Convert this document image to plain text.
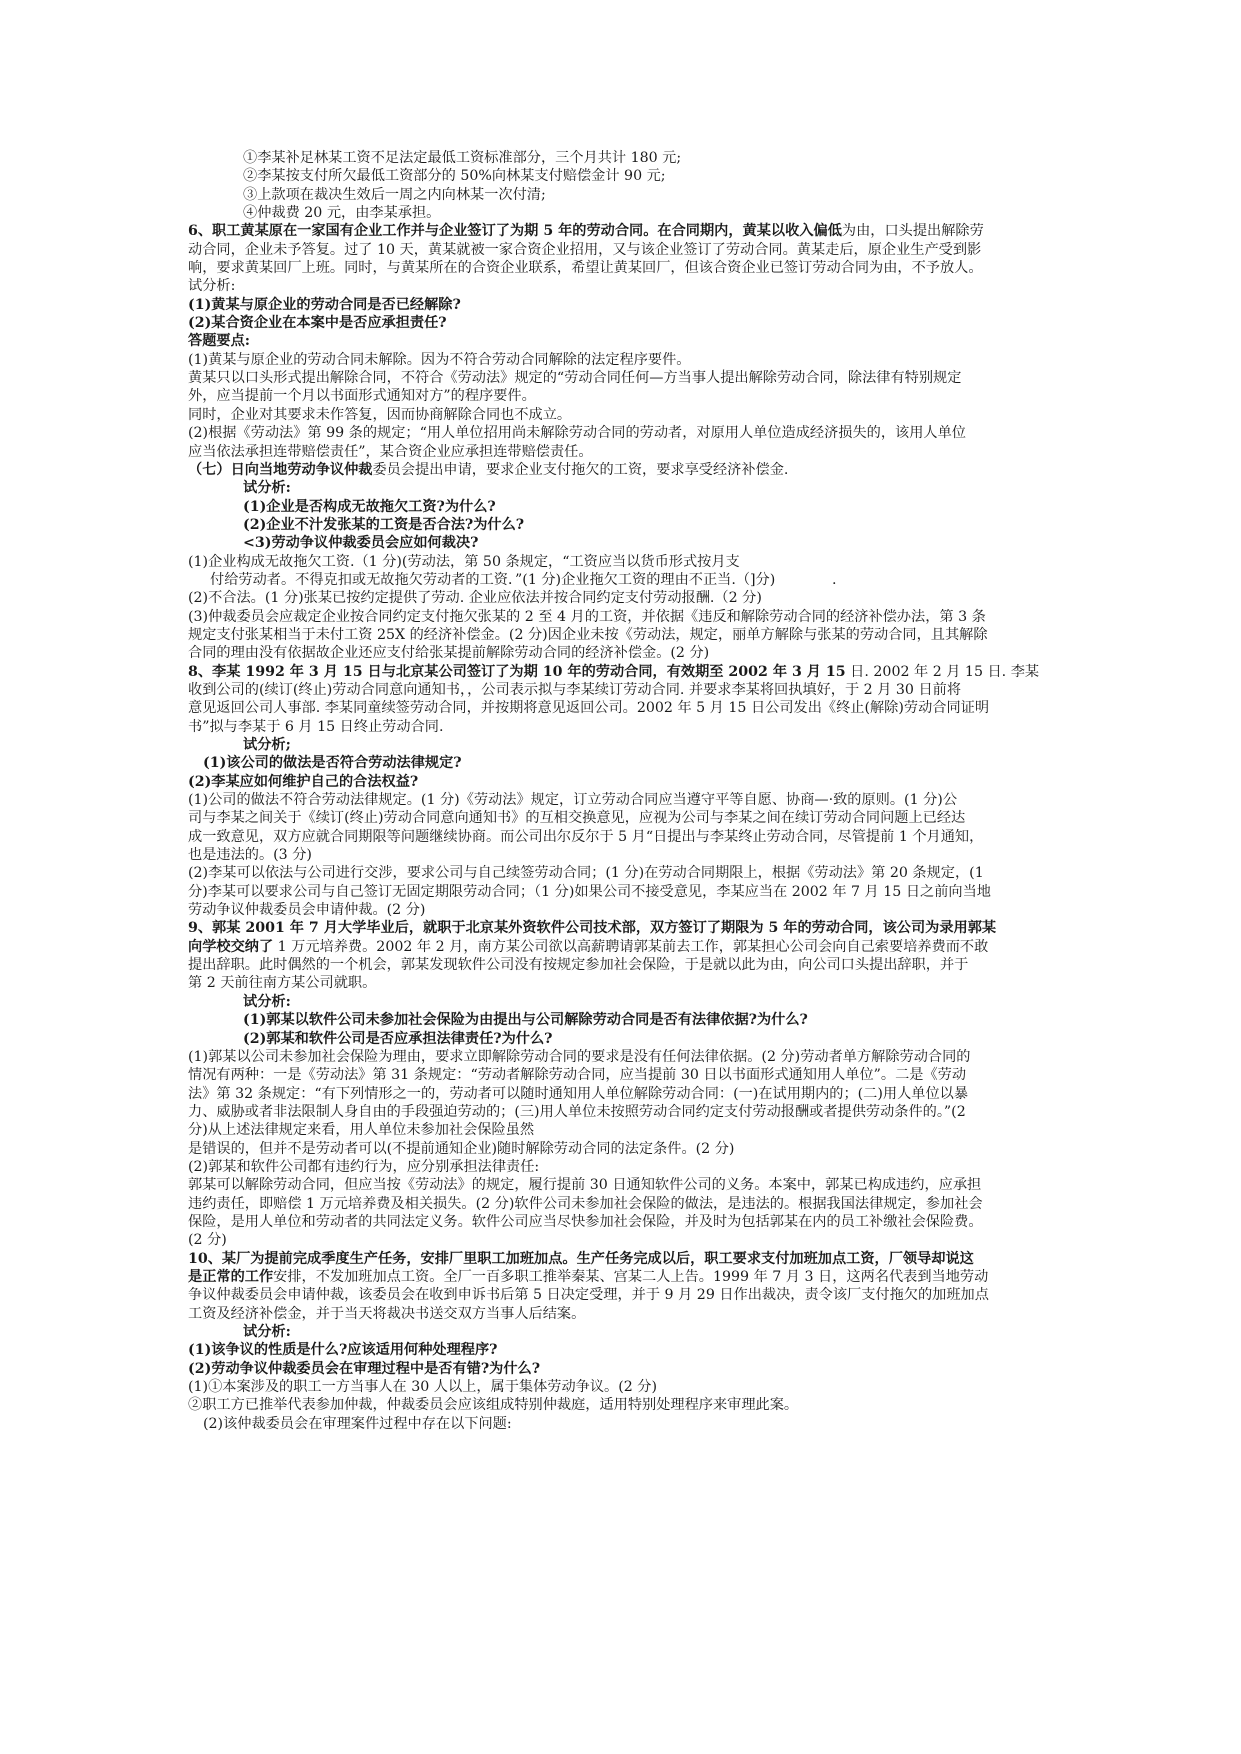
①李某补足林某工资不足法定最低工资标准部分，三个月共计 180 元;
②李某按支付所欠最低工资部分的 50%向林某支付赔偿金计 90 元;
③上款项在裁决生效后一周之内向林某一次付清;
④仲裁费 20 元，由李某承担。
6、职工黄某原在一家国有企业工作并与企业签订了为期 5 年的劳动合同。在合同期内，黄某以收入偏低为由，口头提出解除劳
动合同，企业未予答复。过了 10 天，黄某就被一家合资企业招用，又与该企业签订了劳动合同。黄某走后，原企业生产受到影
响，要求黄某回厂上班。同时，与黄某所在的合资企业联系，希望让黄某回厂，但该合资企业已签订劳动合同为由，不予放人。
试分析:
(1)黄某与原企业的劳动合同是否已经解除?
(2)某合资企业在本案中是否应承担责任?
答题要点:
(1)黄某与原企业的劳动合同未解除。因为不符合劳动合同解除的法定程序要件。
黄某只以口头形式提出解除合同，不符合《劳动法》规定的“劳动合同任何—方当事人提出解除劳动合同，除法律有特别规定
外，应当提前一个月以书面形式通知对方”的程序要件。
同时，企业对其要求未作答复，因而协商解除合同也不成立。
(2)根据《劳动法》第 99 条的规定；“用人单位招用尚未解除劳动合同的劳动者，对原用人单位造成经济损失的，该用人单位
应当依法承担连带赔偿责任”，某合资企业应承担连带赔偿责任。
（七）日向当地劳动争议仲裁委员会提出申请，要求企业支付拖欠的工资，要求享受经济补偿金.
试分析:
(1)企业是否构成无故拖欠工资?为什么?
(2)企业不汁发张某的工资是否合法?为什么?
<3)劳动争议仲裁委员会应如何裁决?
(1)企业构成无故拖欠工资.（1 分)(劳动法，第 50 条规定，“工资应当以货币形式按月支
付给劳动者。不得克扣或无故拖欠劳动者的工资．”(1 分)企业拖欠工资的理由不正当.（]分)　　　　.
(2)不合法。(1 分)张某已按约定提供了劳动. 企业应依法并按合同约定支付劳动报酬.（2 分)
(3)仲裁委员会应裁定企业按合同约定支付拖欠张某的 2 至 4 月的工资，并依据《违反和解除劳动合同的经济补偿办法，第 3 条
规定支付张某相当于未付工资 25X 的经济补偿金。(2 分)因企业未按《劳动法，规定，丽单方解除与张某的劳动合同，且其解除
合同的理由没有依据故企业还应支付给张某提前解除劳动合同的经济补偿金。(2 分)
8、李某 1992 年 3 月 15 日与北京某公司签订了为期 10 年的劳动合同，有效期至 2002 年 3 月 15 日. 2002 年 2 月 15 日. 李某
收到公司的(续订(终止)劳动合同意向通知书，，公司表示拟与李某续订劳动合同. 并要求李某将回执填好，于 2 月 30 日前将
意见返回公司人事部. 李某同童续签劳动合同，并按期将意见返回公司。2002 年 5 月 15 日公司发出《终止(解除)劳动合同证明
书”拟与李某于 6 月 15 日终止劳动合同.
试分析;
(1)该公司的做法是否符合劳动法律规定?
(2)李某应如何维护自己的合法权益?
(1)公司的做法不符合劳动法律规定。(1 分)《劳动法》规定，订立劳动合同应当遵守平等自愿、协商—·致的原则。(1 分)公
司与李某之间关于《续订(终止)劳动合同意向通知书》的互相交换意见，应视为公司与李某之间在续订劳动合同问题上已经达
成一致意见，双方应就合同期限等问题继续协商。而公司出尔反尔于 5 月“日提出与李某终止劳动合同，尽管提前 1 个月通知，
也是违法的。(3 分)
(2)李某可以依法与公司进行交涉，要求公司与自己续签劳动合同；(1 分)在劳动合同期限上，根据《劳动法》第 20 条规定，(1
分)李某可以要求公司与自己签订无固定期限劳动合同；（1 分)如果公司不接受意见，李某应当在 2002 年 7 月 15 日之前向当地
劳动争议仲裁委员会申请仲裁。(2 分)
9、郭某 2001 年 7 月大学毕业后，就职于北京某外资软件公司技术部，双方签订了期限为 5 年的劳动合同，该公司为录用郭某
向学校交纳了 1 万元培养费。2002 年 2 月，南方某公司欲以高薪聘请郭某前去工作，郭某担心公司会向自己索要培养费而不敢
提出辞职。此时偶然的一个机会，郭某发现软件公司没有按规定参加社会保险，于是就以此为由，向公司口头提出辞职，并于
第 2 天前往南方某公司就职。
试分析:
(1)郭某以软件公司未参加社会保险为由提出与公司解除劳动合同是否有法律依据?为什么?
(2)郭某和软件公司是否应承担法律责任?为什么?
(1)郭某以公司未参加社会保险为理由，要求立即解除劳动合同的要求是没有任何法律依据。(2 分)劳动者单方解除劳动合同的
情况有两种：一是《劳动法》第 31 条规定：“劳动者解除劳动合同，应当提前 30 日以书面形式通知用人单位”。二是《劳动
法》第 32 条规定：“有下列情形之一的，劳动者可以随时通知用人单位解除劳动合同：(一)在试用期内的；(二)用人单位以暴
力、威胁或者非法限制人身自由的手段强迫劳动的；(三)用人单位未按照劳动合同约定支付劳动报酬或者提供劳动条件的。”(2
分)从上述法律规定来看，用人单位未参加社会保险虽然
是错误的，但并不是劳动者可以(不提前通知企业)随时解除劳动合同的法定条件。(2 分)
(2)郭某和软件公司都有违约行为，应分别承担法律责任:
郭某可以解除劳动合同，但应当按《劳动法》的规定，履行提前 30 日通知软件公司的义务。本案中，郭某已构成违约，应承担
违约责任，即赔偿 1 万元培养费及相关损失。(2 分)软件公司未参加社会保险的做法，是违法的。根据我国法律规定，参加社会
保险，是用人单位和劳动者的共同法定义务。软件公司应当尽快参加社会保险，并及时为包括郭某在内的员工补缴社会保险费。
(2 分)
10、某厂为提前完成季度生产任务，安排厂里职工加班加点。生产任务完成以后，职工要求支付加班加点工资，厂领导却说这
是正常的工作安排，不发加班加点工资。全厂一百多职工推举秦某、宫某二人上告。1999 年 7 月 3 日，这两名代表到当地劳动
争议仲裁委员会申请仲裁，该委员会在收到申诉书后第 5 日决定受理，并于 9 月 29 日作出裁决，责令该厂支付拖欠的加班加点
工资及经济补偿金，并于当天将裁决书送交双方当事人后结案。
试分析:
(1)该争议的性质是什么?应该适用何种处理程序?
(2)劳动争议仲裁委员会在审理过程中是否有错?为什么?
(1)①本案涉及的职工一方当事人在 30 人以上，属于集体劳动争议。(2 分)
②职工方已推举代表参加仲裁，仲裁委员会应该组成特别仲裁庭，适用特别处理程序来审理此案。
(2)该仲裁委员会在审理案件过程中存在以下问题:
